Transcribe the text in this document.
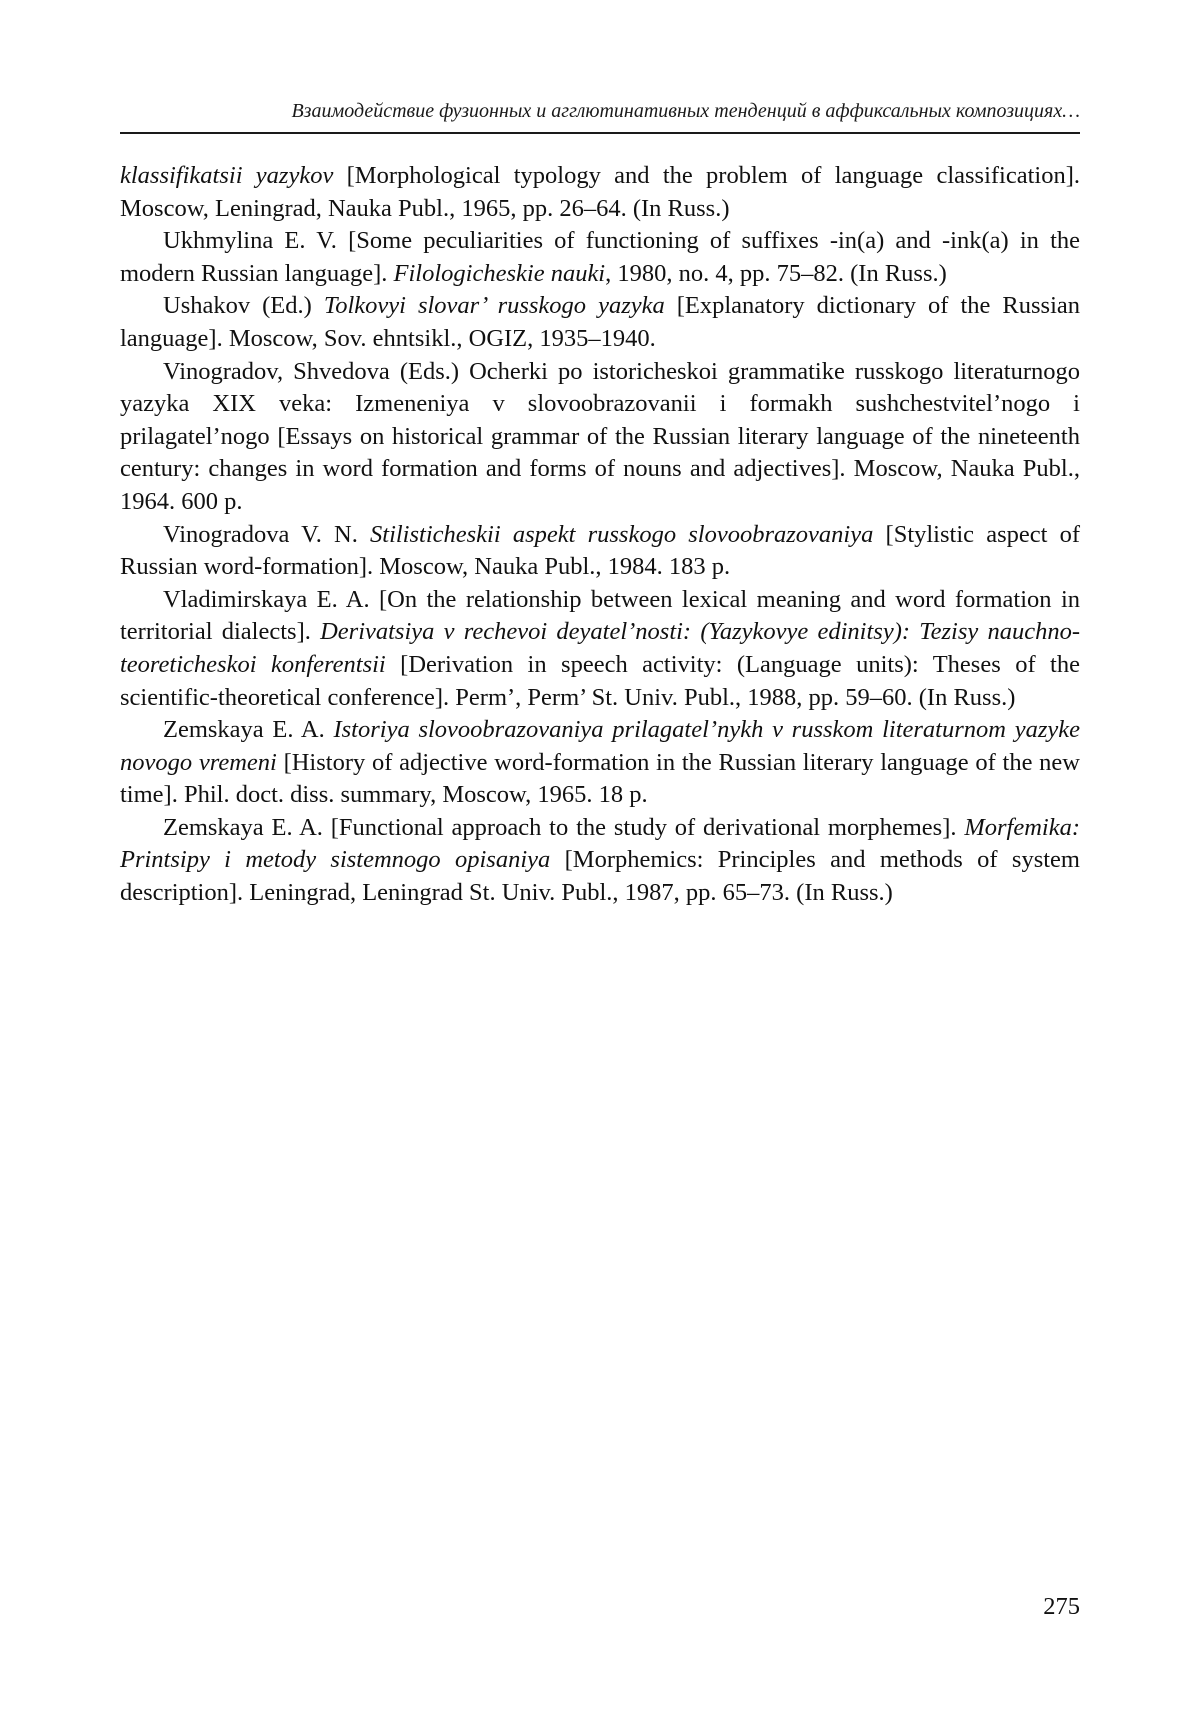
Взаимодействие фузионных и агглютинативных тенденций в аффиксальных композициях…

klassifikatsii yazykov [Morphological typology and the problem of language classification]. Moscow, Leningrad, Nauka Publ., 1965, pp. 26–64. (In Russ.)

Ukhmylina E. V. [Some peculiarities of functioning of suffixes -in(a) and -ink(a) in the modern Russian language]. Filologicheskie nauki, 1980, no. 4, pp. 75–82. (In Russ.)

Ushakov (Ed.) Tolkovyi slovar’ russkogo yazyka [Explanatory dictionary of the Russian language]. Moscow, Sov. ehntsikl., OGIZ, 1935–1940.

Vinogradov, Shvedova (Eds.) Ocherki po istoricheskoi grammatike russkogo literaturnogo yazyka XIX veka: Izmeneniya v slovoobrazovanii i formakh sushchestvitel’nogo i prilagatel’nogo [Essays on historical grammar of the Russian literary language of the nineteenth century: changes in word formation and forms of nouns and adjectives]. Moscow, Nauka Publ., 1964. 600 p.

Vinogradova V. N. Stilisticheskii aspekt russkogo slovoobrazovaniya [Stylistic aspect of Russian word-formation]. Moscow, Nauka Publ., 1984. 183 p.

Vladimirskaya E. A. [On the relationship between lexical meaning and word formation in territorial dialects]. Derivatsiya v rechevoi deyatel’nosti: (Yazykovye edinitsy): Tezisy nauchno-teoreticheskoi konferentsii [Derivation in speech activity: (Language units): Theses of the scientific-theoretical conference]. Perm’, Perm’ St. Univ. Publ., 1988, pp. 59–60. (In Russ.)

Zemskaya E. A. Istoriya slovoobrazovaniya prilagatel’nykh v russkom literaturnom yazyke novogo vremeni [History of adjective word-formation in the Russian literary language of the new time]. Phil. doct. diss. summary, Moscow, 1965. 18 p.

Zemskaya E. A. [Functional approach to the study of derivational morphemes]. Morfemika: Printsipy i metody sistemnogo opisaniya [Morphemics: Principles and methods of system description]. Leningrad, Leningrad St. Univ. Publ., 1987, pp. 65–73. (In Russ.)

275
